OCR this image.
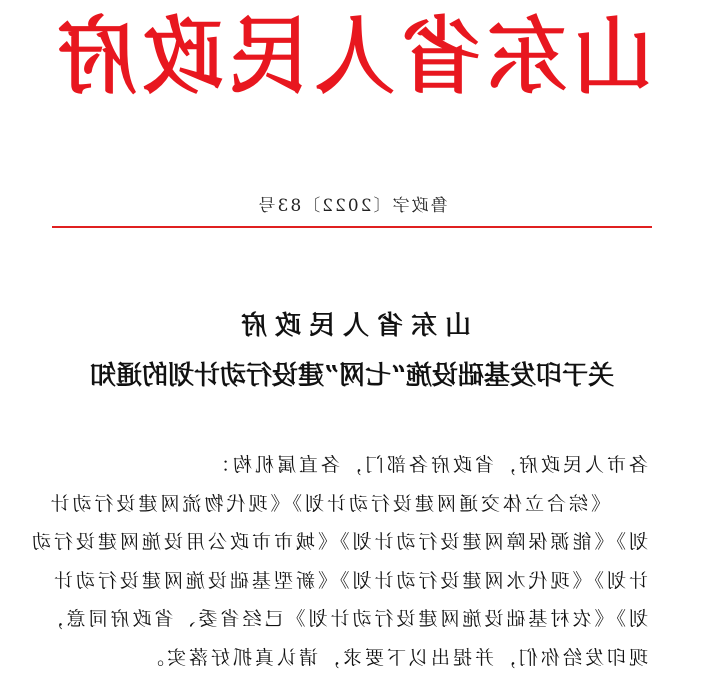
山东省人民政府
鲁政字〔2022〕83号
山东省人民政府
关于印发基础设施“七网”建设行动计划的通知
各市人民政府，省政府各部门，各直属机构：
《综合立体交通网建设行动计划》《现代物流网建设行动计
划》《能源保障网建设行动计划》《城市市政公用设施网建设行动
计划》《现代水网建设行动计划》《新型基础设施网建设行动计
划》《农村基础设施网建设行动计划》已经省委、省政府同意，
现印发给你们，并提出以下要求，请认真抓好落实。
